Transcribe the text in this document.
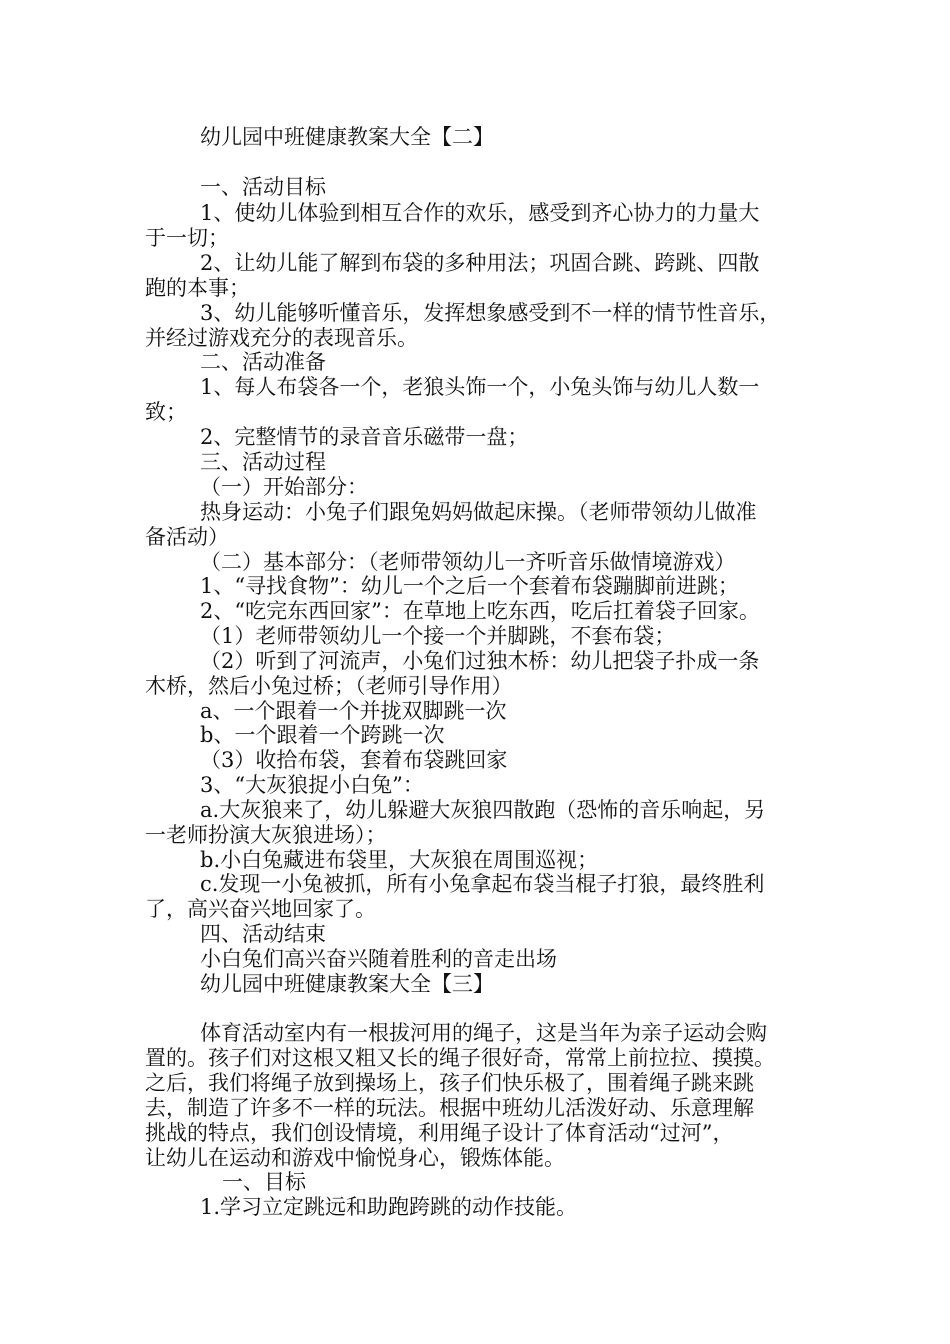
幼儿园中班健康教案大全【二】
一、活动目标
1、使幼儿体验到相互合作的欢乐，感受到齐心协力的力量大
于一切；
2、让幼儿能了解到布袋的多种用法；巩固合跳、跨跳、四散
跑的本事；
3、幼儿能够听懂音乐，发挥想象感受到不一样的情节性音乐，
并经过游戏充分的表现音乐。
二、活动准备
1、每人布袋各一个，老狼头饰一个，小兔头饰与幼儿人数一
致；
2、完整情节的录音音乐磁带一盘；
三、活动过程
（一）开始部分：
热身运动：小兔子们跟兔妈妈做起床操。（老师带领幼儿做准
备活动）
（二）基本部分：（老师带领幼儿一齐听音乐做情境游戏）
1、“寻找食物”：幼儿一个之后一个套着布袋蹦脚前进跳；
2、“吃完东西回家”：在草地上吃东西，吃后扛着袋子回家。
（1）老师带领幼儿一个接一个并脚跳，不套布袋；
（2）听到了河流声，小兔们过独木桥：幼儿把袋子扑成一条
木桥，然后小兔过桥；（老师引导作用）
a、一个跟着一个并拢双脚跳一次
b、一个跟着一个跨跳一次
（3）收拾布袋，套着布袋跳回家
3、“大灰狼捉小白兔”：
a.大灰狼来了，幼儿躲避大灰狼四散跑（恐怖的音乐响起，另
一老师扮演大灰狼进场）；
b.小白兔藏进布袋里，大灰狼在周围巡视；
c.发现一小兔被抓，所有小兔拿起布袋当棍子打狼，最终胜利
了，高兴奋兴地回家了。
四、活动结束
小白兔们高兴奋兴随着胜利的音走出场
幼儿园中班健康教案大全【三】
体育活动室内有一根拔河用的绳子，这是当年为亲子运动会购
置的。孩子们对这根又粗又长的绳子很好奇，常常上前拉拉、摸摸。
之后，我们将绳子放到操场上，孩子们快乐极了，围着绳子跳来跳
去，制造了许多不一样的玩法。根据中班幼儿活泼好动、乐意理解
挑战的特点，我们创设情境，利用绳子设计了体育活动“过河”，
让幼儿在运动和游戏中愉悦身心，锻炼体能。
一、目标
1.学习立定跳远和助跑跨跳的动作技能。
